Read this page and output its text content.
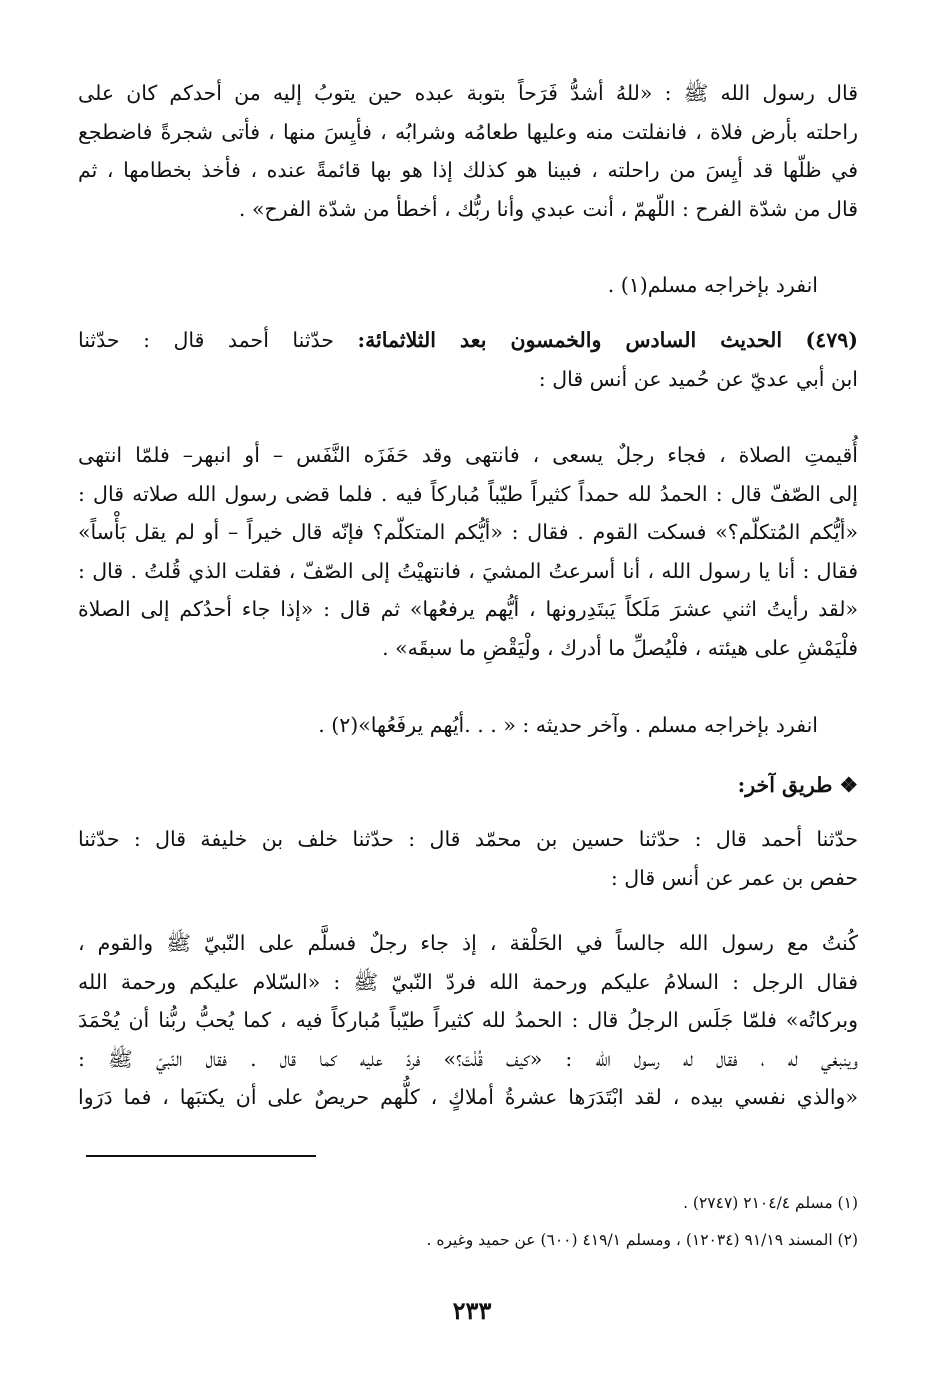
قال رسول الله ﷺ : «للهُ أشدُّ فَرَحاً بتوبة عبده حين يتوبُ إليه من أحدكم كان على
راحلته بأرض فلاة ، فانفلتت منه وعليها طعامُه وشرابُه ، فأيِسَ منها ، فأتى شجرةً فاضطجع
في ظلّها قد أيِسَ من راحلته ، فبينا هو كذلك إذا هو بها قائمةً عنده ، فأخذ بخطامها ، ثم
قال من شدّة الفرح : اللّهمّ ، أنت عبدي وأنا ربُّك ، أخطأ من شدّة الفرح» .
انفرد بإخراجه مسلم(١) .
(٤٧٩) الحديث السادس والخمسون بعد الثلاثمائة: حدّثنا أحمد قال : حدّثنا
ابن أبي عديّ عن حُميد عن أنس قال :
أُقيمتِ الصلاة ، فجاء رجلٌ يسعى ، فانتهى وقد حَفَزَه النَّفَس – أو انبهر– فلمّا انتهى
إلى الصّفّ قال : الحمدُ لله حمداً كثيراً طيّباً مُباركاً فيه . فلما قضى رسول الله صلاته قال :
«أيُّكم المُتكلّم؟» فسكت القوم . فقال : «أيُّكم المتكلّم؟ فإنّه قال خيراً – أو لم يقل بَأْساً»
فقال : أنا يا رسول الله ، أنا أسرعتُ المشيَ ، فانتهيْتُ إلى الصّفّ ، فقلت الذي قُلتُ . قال :
«لقد رأيتُ اثني عشرَ مَلَكاً يَبتَدِرونها ، أيُّهم يرفعُها» ثم قال : «إذا جاء أحدُكم إلى الصلاة
فلْيَمْشِ على هيئته ، فلْيُصلِّ ما أدرك ، ولْيَقْضِ ما سبقَه» .
انفرد بإخراجه مسلم . وآخر حديثه : « . . .أيُهم يرفَعُها»(٢) .
❖ طريق آخر:
حدّثنا أحمد قال : حدّثنا حسين بن محمّد قال : حدّثنا خلف بن خليفة قال : حدّثنا
حفص بن عمر عن أنس قال :
كُنتُ مع رسول الله جالساً في الحَلْقة ، إذ جاء رجلٌ فسلَّم على النّبيّ ﷺ والقوم ،
فقال الرجل : السلامُ عليكم ورحمة الله فردّ النّبيّ ﷺ : «السّلام عليكم ورحمة الله
وبركاتُه» فلمّا جَلَس الرجلُ قال : الحمدُ لله كثيراً طيّباً مُباركاً فيه ، كما يُحبُّ ربُّنا أن يُحْمَدَ
وينبغي له ، فقال له رسول الله : «كيف قُلْتَ؟» فردّ عليه كما قال . فقال النّبيّ ﷺ :
«والذي نفسي بيده ، لقد ابْتَدَرَها عشرةُ أملاكٍ ، كلُّهم حريصٌ على أن يكتبَها ، فما دَرَوا
(١) مسلم ٢١٠٤/٤ (٢٧٤٧) .
(٢) المسند ٩١/١٩ (١٢٠٣٤) ، ومسلم ٤١٩/١ (٦٠٠) عن حميد وغيره .
٢٣٣
